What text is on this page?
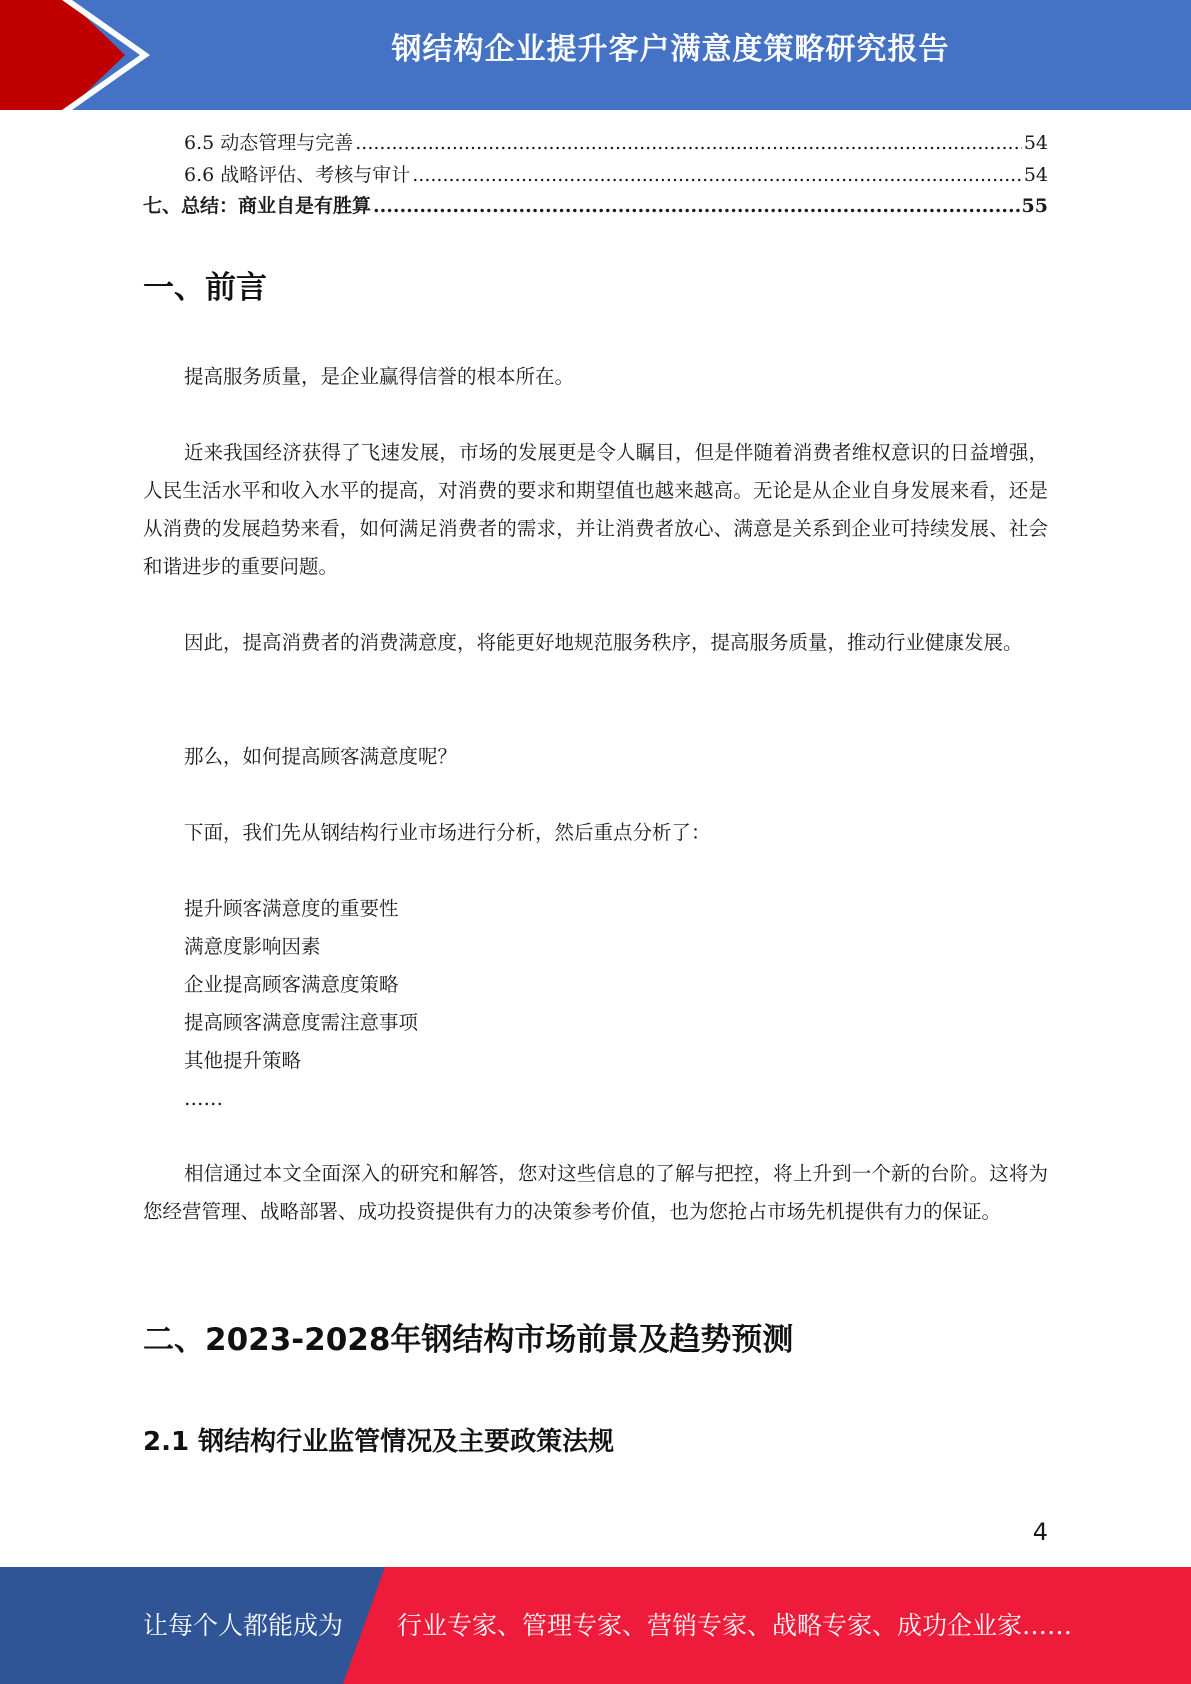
钢结构企业提升客户满意度策略研究报告
6.5 动态管理与完善 .....	54
6.6 战略评估、考核与审计 .....	54
七、总结：商业自是有胜算 .....	55
一、前言

提高服务质量，是企业赢得信誉的根本所在。

近来我国经济获得了飞速发展，市场的发展更是令人瞩目，但是伴随着消费者维权意识的日益增强，人民生活水平和收入水平的提高，对消费的要求和期望值也越来越高。无论是从企业自身发展来看，还是从消费的发展趋势来看，如何满足消费者的需求，并让消费者放心、满意是关系到企业可持续发展、社会和谐进步的重要问题。

因此，提高消费者的消费满意度，将能更好地规范服务秩序，提高服务质量，推动行业健康发展。

那么，如何提高顾客满意度呢？

下面，我们先从钢结构行业市场进行分析，然后重点分析了：

提升顾客满意度的重要性
满意度影响因素
企业提高顾客满意度策略
提高顾客满意度需注意事项
其他提升策略
……

相信通过本文全面深入的研究和解答，您对这些信息的了解与把控，将上升到一个新的台阶。这将为您经营管理、战略部署、成功投资提供有力的决策参考价值，也为您抢占市场先机提供有力的保证。

二、2023-2028年钢结构市场前景及趋势预测
2.1 钢结构行业监管情况及主要政策法规
4
让每个人都能成为 行业专家、管理专家、营销专家、战略专家、成功企业家……
